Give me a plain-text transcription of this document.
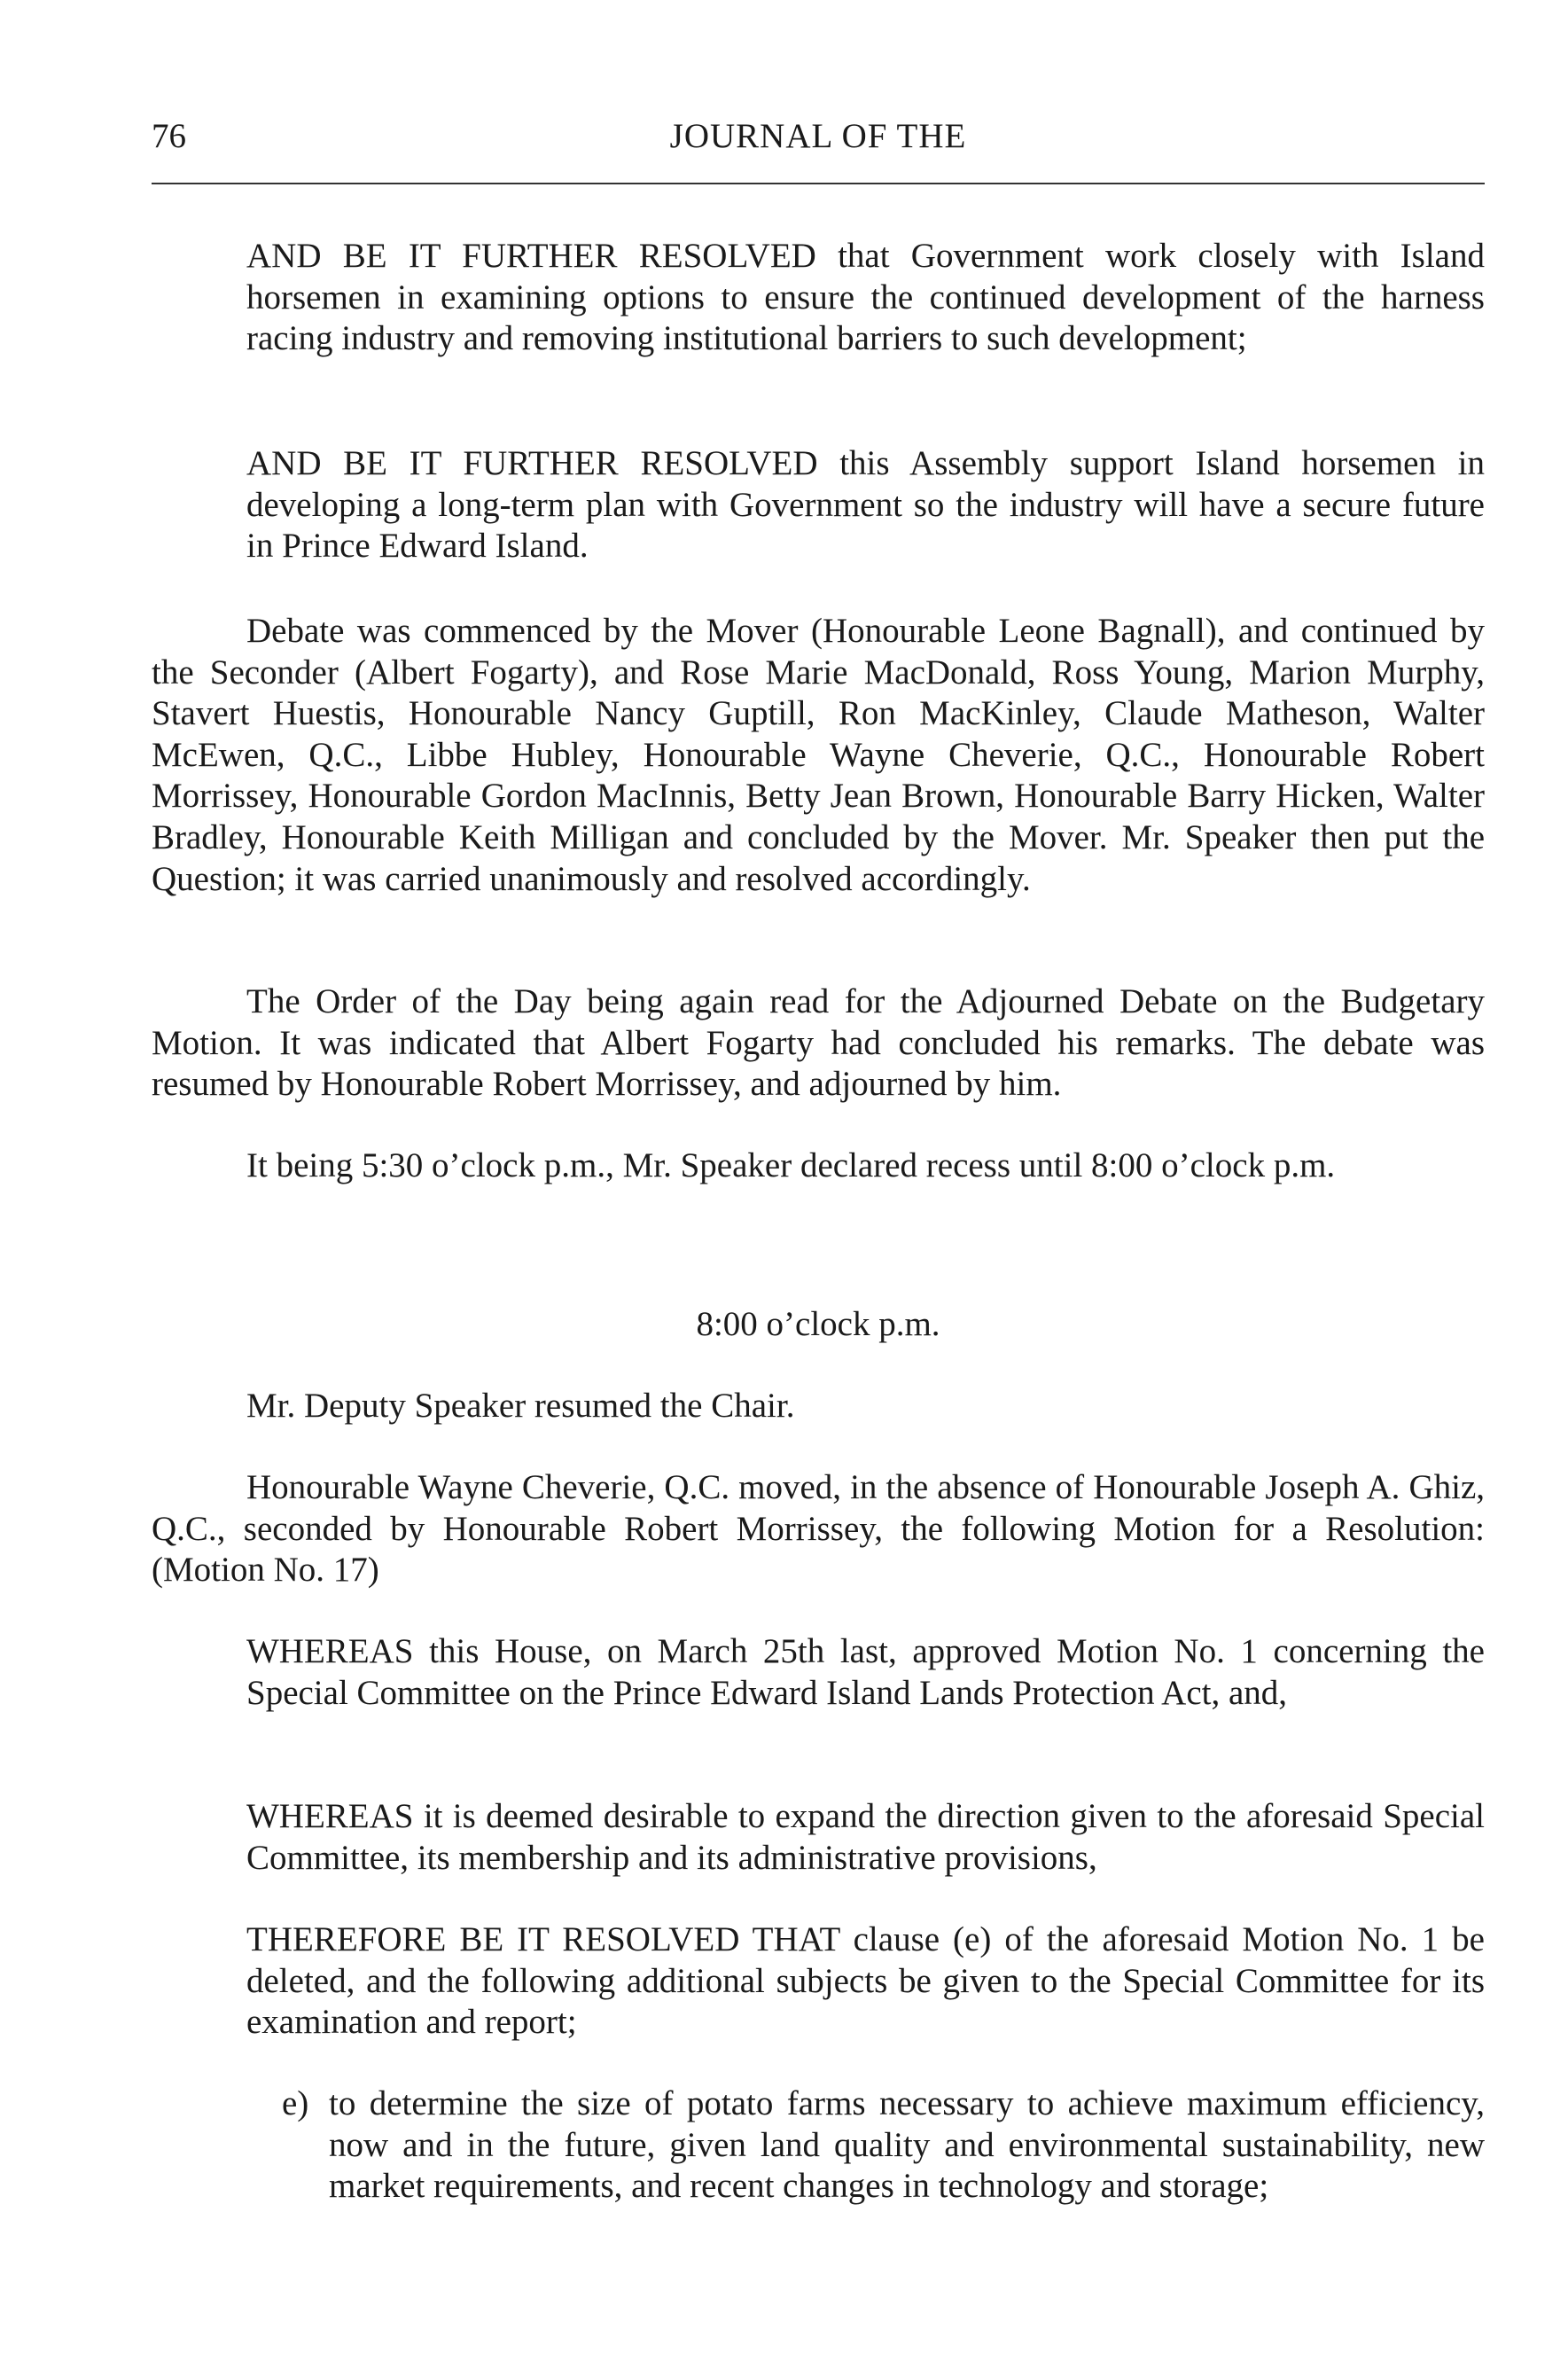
76	JOURNAL OF THE
AND BE IT FURTHER RESOLVED that Government work closely with Island horsemen in examining options to ensure the continued development of the harness racing industry and removing institutional barriers to such development;
AND BE IT FURTHER RESOLVED this Assembly support Island horsemen in developing a long-term plan with Government so the industry will have a secure future in Prince Edward Island.
Debate was commenced by the Mover (Honourable Leone Bagnall), and continued by the Seconder (Albert Fogarty), and Rose Marie MacDonald, Ross Young, Marion Murphy, Stavert Huestis, Honourable Nancy Guptill, Ron MacKinley, Claude Matheson, Walter McEwen, Q.C., Libbe Hubley, Honourable Wayne Cheverie, Q.C., Honourable Robert Morrissey, Honourable Gordon MacInnis, Betty Jean Brown, Honourable Barry Hicken, Walter Bradley, Honourable Keith Milligan and concluded by the Mover. Mr. Speaker then put the Question; it was carried unanimously and resolved accordingly.
The Order of the Day being again read for the Adjourned Debate on the Budgetary Motion. It was indicated that Albert Fogarty had concluded his remarks. The debate was resumed by Honourable Robert Morrissey, and adjourned by him.
It being 5:30 o’clock p.m., Mr. Speaker declared recess until 8:00 o’clock p.m.
8:00 o’clock p.m.
Mr. Deputy Speaker resumed the Chair.
Honourable Wayne Cheverie, Q.C. moved, in the absence of Honourable Joseph A. Ghiz, Q.C., seconded by Honourable Robert Morrissey, the following Motion for a Resolution: (Motion No. 17)
WHEREAS this House, on March 25th last, approved Motion No. 1 concerning the Special Committee on the Prince Edward Island Lands Protection Act, and,
WHEREAS it is deemed desirable to expand the direction given to the aforesaid Special Committee, its membership and its administrative provisions,
THEREFORE BE IT RESOLVED THAT clause (e) of the aforesaid Motion No. 1 be deleted, and the following additional subjects be given to the Special Committee for its examination and report;
e) to determine the size of potato farms necessary to achieve maximum efficiency, now and in the future, given land quality and environmental sustainability, new market requirements, and recent changes in technology and storage;
